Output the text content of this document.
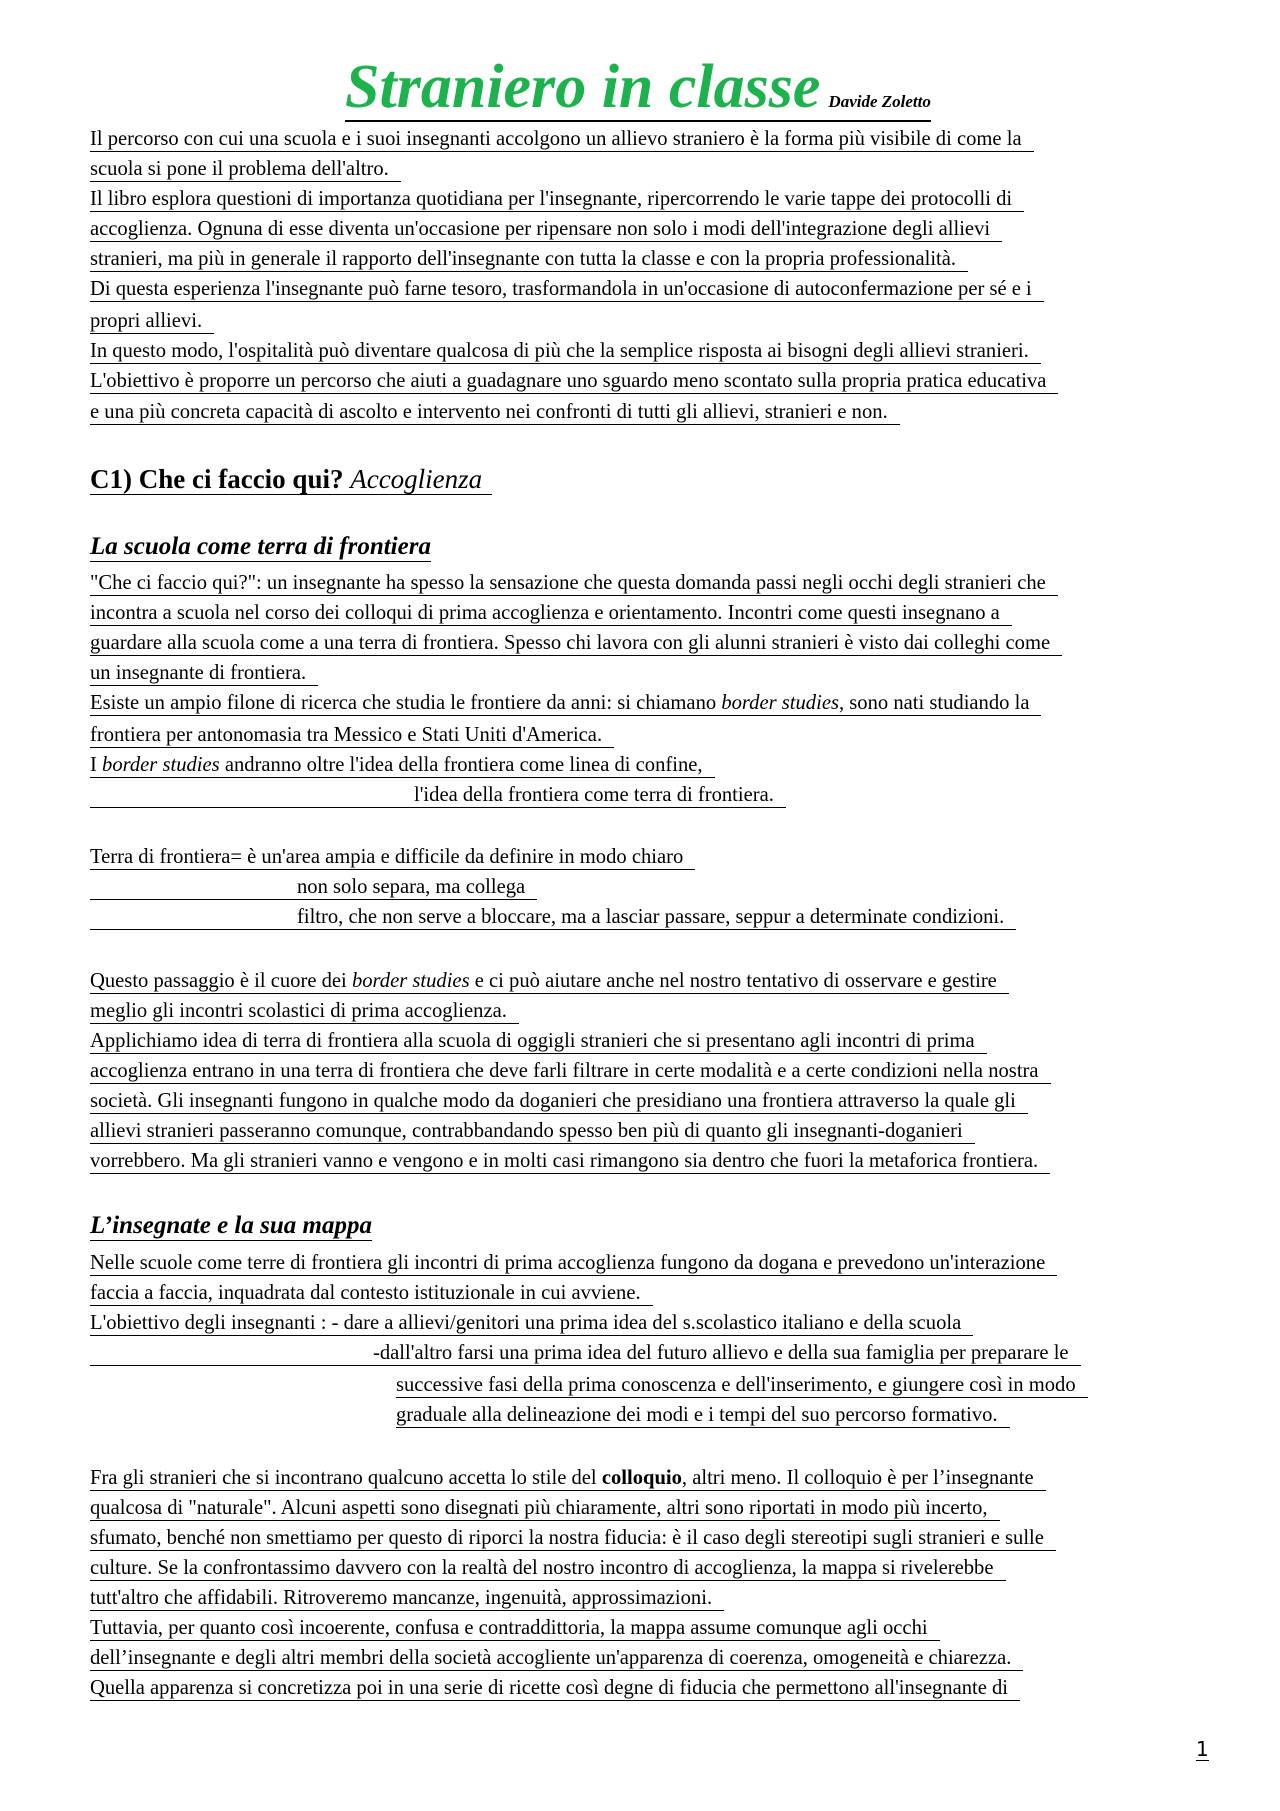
Straniero in classe Davide Zoletto
Il percorso con cui una scuola e i suoi insegnanti accolgono un allievo straniero è la forma più visibile di come la
scuola si pone il problema dell'altro.
Il libro esplora questioni di importanza quotidiana per l'insegnante, ripercorrendo le varie tappe dei protocolli di
accoglienza. Ognuna di esse diventa un'occasione per ripensare non solo i modi dell'integrazione degli allievi
stranieri, ma più in generale il rapporto dell'insegnante con tutta la classe e con la propria professionalità.
Di questa esperienza l'insegnante può farne tesoro, trasformandola in un'occasione di autoconfermazione per sé e i
propri allievi.
In questo modo, l'ospitalità può diventare qualcosa di più che la semplice risposta ai bisogni degli allievi stranieri.
L'obiettivo è proporre un percorso che aiuti a guadagnare uno sguardo meno scontato sulla propria pratica educativa
e una più concreta capacità di ascolto e intervento nei confronti di tutti gli allievi, stranieri e non.
C1) Che ci faccio qui? Accoglienza
La scuola come terra di frontiera
"Che ci faccio qui?": un insegnante ha spesso la sensazione che questa domanda passi negli occhi degli stranieri che
incontra a scuola nel corso dei colloqui di prima accoglienza e orientamento. Incontri come questi insegnano a
guardare alla scuola come a una terra di frontiera. Spesso chi lavora con gli alunni stranieri è visto dai colleghi come
un insegnante di frontiera.
Esiste un ampio filone di ricerca che studia le frontiere da anni: si chiamano border studies, sono nati studiando la
frontiera per antonomasia tra Messico e Stati Uniti d'America.
I border studies andranno oltre l'idea della frontiera come linea di confine,
l'idea della frontiera come terra di frontiera.
Terra di frontiera= è un'area ampia e difficile da definire in modo chiaro
non solo separa, ma collega
filtro, che non serve a bloccare, ma a lasciar passare, seppur a determinate condizioni.
Questo passaggio è il cuore dei border studies e ci può aiutare anche nel nostro tentativo di osservare e gestire
meglio gli incontri scolastici di prima accoglienza.
Applichiamo idea di terra di frontiera alla scuola di oggigli stranieri che si presentano agli incontri di prima
accoglienza entrano in una terra di frontiera che deve farli filtrare in certe modalità e a certe condizioni nella nostra
società. Gli insegnanti fungono in qualche modo da doganieri che presidiano una frontiera attraverso la quale gli
allievi stranieri passeranno comunque, contrabbandando spesso ben più di quanto gli insegnanti-doganieri
vorrebbero. Ma gli stranieri vanno e vengono e in molti casi rimangono sia dentro che fuori la metaforica frontiera.
L’insegnate e la sua mappa
Nelle scuole come terre di frontiera gli incontri di prima accoglienza fungono da dogana e prevedono un'interazione
faccia a faccia, inquadrata dal contesto istituzionale in cui avviene.
L'obiettivo degli insegnanti : - dare a allievi/genitori una prima idea del s.scolastico italiano e della scuola
-dall'altro farsi una prima idea del futuro allievo e della sua famiglia per preparare le
successive fasi della prima conoscenza e dell'inserimento, e giungere così in modo
graduale alla delineazione dei modi e i tempi del suo percorso formativo.
Fra gli stranieri che si incontrano qualcuno accetta lo stile del colloquio, altri meno. Il colloquio è per l’insegnante
qualcosa di "naturale". Alcuni aspetti sono disegnati più chiaramente, altri sono riportati in modo più incerto,
sfumato, benché non smettiamo per questo di riporci la nostra fiducia: è il caso degli stereotipi sugli stranieri e sulle
culture. Se la confrontassimo davvero con la realtà del nostro incontro di accoglienza, la mappa si rivelerebbe
tutt'altro che affidabili. Ritroveremo mancanze, ingenuità, approssimazioni.
Tuttavia, per quanto così incoerente, confusa e contraddittoria, la mappa assume comunque agli occhi
dell’insegnante e degli altri membri della società accogliente un'apparenza di coerenza, omogeneità e chiarezza.
Quella apparenza si concretizza poi in una serie di ricette così degne di fiducia che permettono all'insegnante di
1
